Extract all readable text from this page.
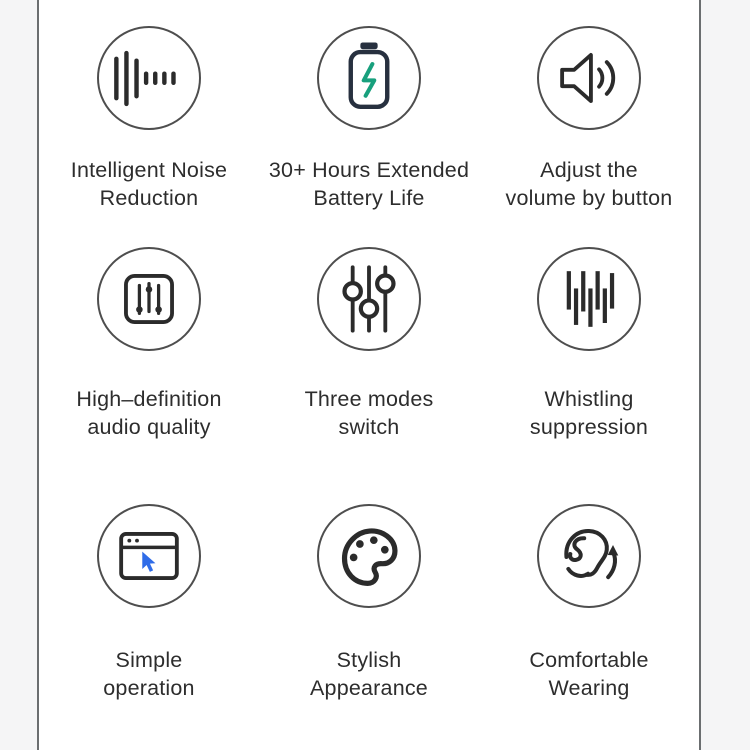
Intelligent Noise
Reduction
30+ Hours Extended
Battery Life
Adjust the
volume by button
High–definition
audio quality
Three modes
switch
Whistling
suppression
Simple
operation
Stylish
Appearance
Comfortable
Wearing
